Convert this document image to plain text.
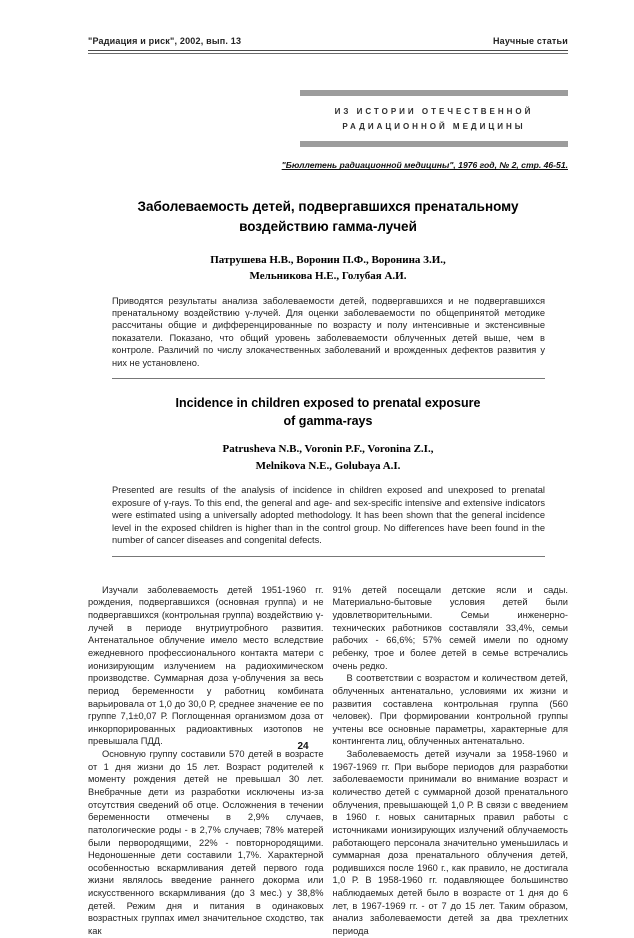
"Радиация и риск", 2002, вып. 13	Научные статьи
ИЗ ИСТОРИИ ОТЕЧЕСТВЕННОЙ
РАДИАЦИОННОЙ МЕДИЦИНЫ
"Бюллетень радиационной медицины", 1976 год, № 2, стр. 46-51.
Заболеваемость детей, подвергавшихся пренатальному
воздействию гамма-лучей
Патрушева Н.В., Воронин П.Ф., Воронина З.И.,
Мельникова Н.Е., Голубая А.И.

Приводятся результаты анализа заболеваемости детей, подвергавшихся и не подвергавшихся пренатальному воздействию γ-лучей. Для оценки заболеваемости по общепринятой методике рассчитаны общие и дифференцированные по возрасту и полу интенсивные и экстенсивные показатели. Показано, что общий уровень заболеваемости облученных детей выше, чем в контроле. Различий по числу злокачественных заболеваний и врожденных дефектов развития у них не установлено.

Incidence in children exposed to prenatal exposure
of gamma-rays
Patrusheva N.B., Voronin P.F., Voronina Z.I.,
Melnikova N.E., Golubaya A.I.

Presented are results of the analysis of incidence in children exposed and unexposed to prenatal exposure of γ-rays. To this end, the general and age- and sex-specific intensive and extensive indicators were estimated using a universally adopted methodology. It has been shown that the general incidence level in the exposed children is higher than in the control group. No differences have been found in the number of cancer diseases and congenital defects.

Изучали заболеваемость детей 1951-1960 гг. рождения, подвергавшихся (основная группа) и не подвергавшихся (контрольная группа) воздействию γ-лучей в периоде внутриутробного развития. Антенатальное облучение имело место вследствие ежедневного профессионального контакта матери с ионизирующим излучением на радиохимическом производстве. Суммарная доза γ-облучения за весь период беременности у работниц комбината варьировала от 1,0 до 30,0 Р, среднее значение ее по группе 7,1±0,07 Р. Поглощенная организмом доза от инкорпорированных радиоактивных изотопов не превышала ПДД.

Основную группу составили 570 детей в возрасте от 1 дня жизни до 15 лет. Возраст родителей к моменту рождения детей не превышал 30 лет. Внебрачные дети из разработки исключены из-за отсутствия сведений об отце. Осложнения в течении беременности отмечены в 2,9% случаев, патологические роды - в 2,7% случаев; 78% матерей были первородящими, 22% - повторнородящими. Недоношенные дети составили 1,7%. Характерной особенностью вскармливания детей первого года жизни являлось введение раннего докорма или искусственного вскармливания (до 3 мес.) у 38,8% детей. Режим дня и питания в одинаковых возрастных группах имел значительное сходство, так как

91% детей посещали детские ясли и сады. Материально-бытовые условия детей были удовлетворительными. Семьи инженерно-технических работников составляли 33,4%, семьи рабочих - 66,6%; 57% семей имели по одному ребенку, трое и более детей в семье встречались очень редко.

В соответствии с возрастом и количеством детей, облученных антенатально, условиями их жизни и развития составлена контрольная группа (560 человек). При формировании контрольной группы учтены все основные параметры, характерные для контингента лиц, облученных антенатально.

Заболеваемость детей изучали за 1958-1960 и 1967-1969 гг. При выборе периодов для разработки заболеваемости принимали во внимание возраст и количество детей с суммарной дозой пренатального облучения, превышающей 1,0 Р. В связи с введением в 1960 г. новых санитарных правил работы с источниками ионизирующих излучений облучаемость работающего персонала значительно уменьшилась и суммарная доза пренатального облучения детей, родившихся после 1960 г., как правило, не достигала 1,0 Р. В 1958-1960 гг. подавляющее большинство наблюдаемых детей было в возрасте от 1 дня до 6 лет, в 1967-1969 гг. - от 7 до 15 лет. Таким образом, анализ заболеваемости детей за два трехлетних периода

24
